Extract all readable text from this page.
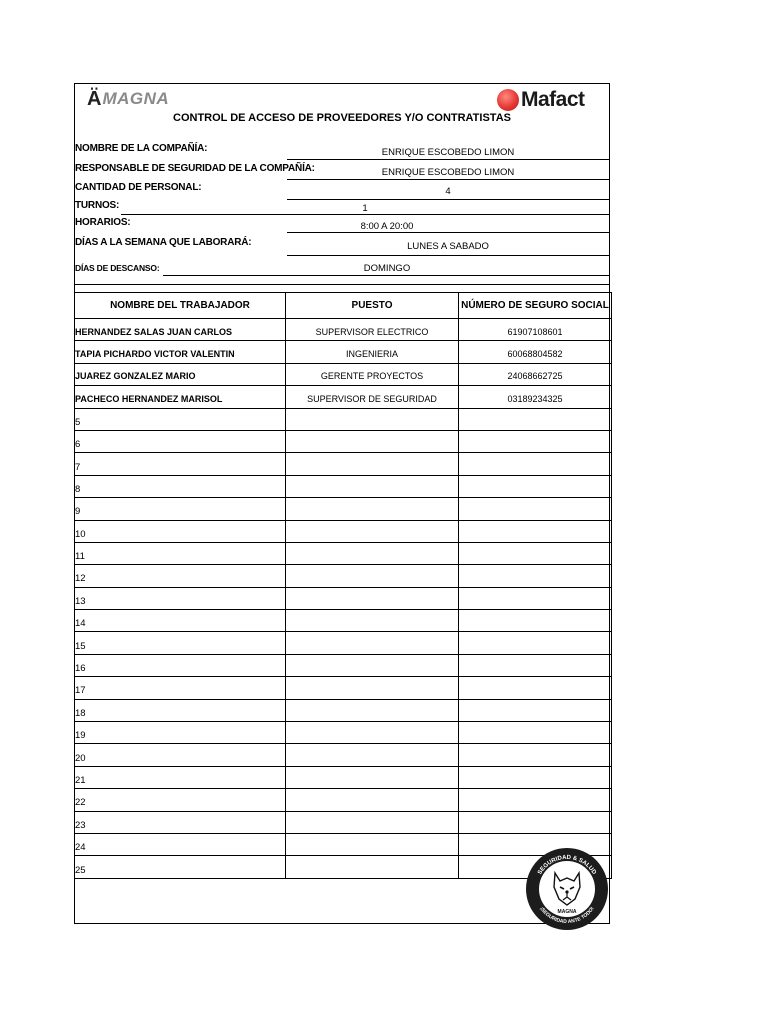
Ä MAGNA	Mafact
CONTROL DE ACCESO DE PROVEEDORES Y/O CONTRATISTAS
NOMBRE DE LA COMPAÑÍA:	ENRIQUE ESCOBEDO LIMON
RESPONSABLE DE SEGURIDAD DE LA COMPAÑÍA:	ENRIQUE ESCOBEDO LIMON
CANTIDAD DE PERSONAL:	4
TURNOS:	1
HORARIOS:	8:00 A 20:00
DÍAS A LA SEMANA QUE LABORARÁ:	LUNES A SABADO
DÍAS DE DESCANSO:	DOMINGO
NOMBRE DEL TRABAJADOR	PUESTO	NÚMERO DE SEGURO SOCIAL
HERNANDEZ SALAS JUAN CARLOS	SUPERVISOR ELECTRICO	61907108601
TAPIA PICHARDO VICTOR VALENTIN	INGENIERIA	60068804582
JUAREZ GONZALEZ MARIO	GERENTE PROYECTOS	24068662725
PACHECO HERNANDEZ MARISOL	SUPERVISOR DE SEGURIDAD	03189234325
5		
6		
7		
8		
9		
10		
11		
12		
13		
14		
15		
16		
17		
18		
19		
20		
21		
22		
23		
24		
25			SEGURIDAD & SALUD
¡SEGURIDAD ANTE TODO!
MAGNA
